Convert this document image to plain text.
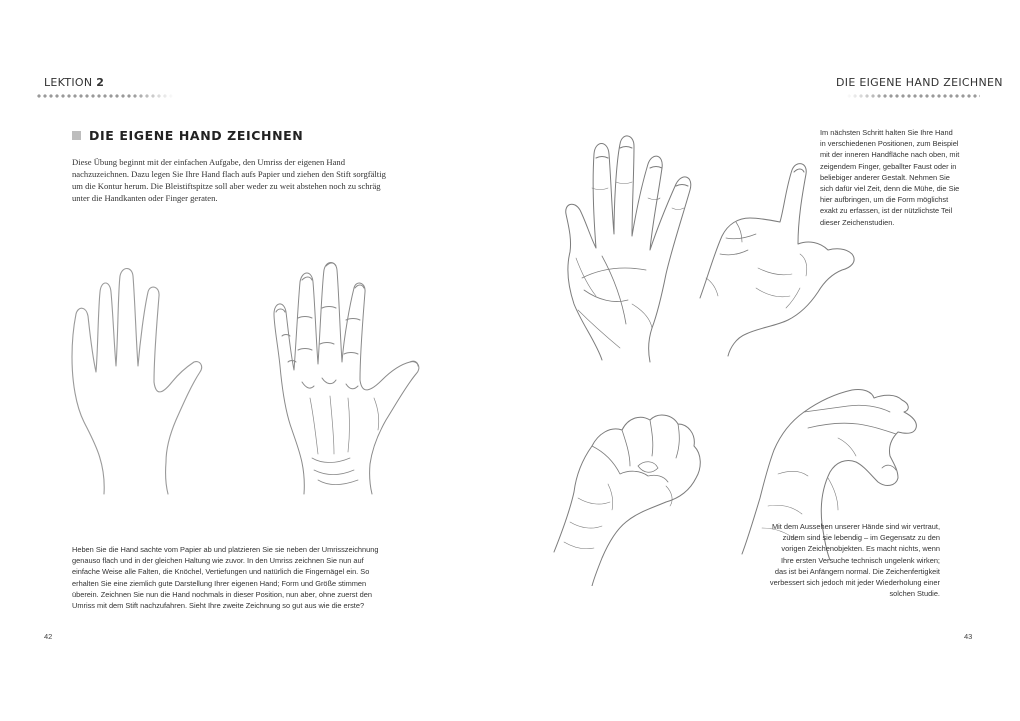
LEKTION 2
DIE EIGENE HAND ZEICHNEN
Diese Übung beginnt mit der einfachen Aufgabe, den Umriss der eigenen Hand nachzuzeichnen. Dazu legen Sie Ihre Hand flach aufs Papier und ziehen den Stift sorgfältig um die Kontur herum. Die Bleistiftspitze soll aber weder zu weit abstehen noch zu schräg unter die Handkanten oder Finger geraten.
Heben Sie die Hand sachte vom Papier ab und platzieren Sie sie neben der Umrisszeichnung genauso flach und in der gleichen Haltung wie zuvor. In den Umriss zeichnen Sie nun auf einfache Weise alle Falten, die Knöchel, Vertiefungen und natürlich die Fingernägel ein. So erhalten Sie eine ziemlich gute Darstellung Ihrer eigenen Hand; Form und Größe stimmen überein. Zeichnen Sie nun die Hand nochmals in dieser Position, nun aber, ohne zuerst den Umriss mit dem Stift nachzufahren. Sieht Ihre zweite Zeichnung so gut aus wie die erste?
42
DIE EIGENE HAND ZEICHNEN
Im nächsten Schritt halten Sie Ihre Hand in verschiedenen Positionen, zum Beispiel mit der inneren Handfläche nach oben, mit zeigendem Finger, geballter Faust oder in beliebiger anderer Gestalt. Nehmen Sie sich dafür viel Zeit, denn die Mühe, die Sie hier aufbringen, um die Form möglichst exakt zu erfassen, ist der nützlichste Teil dieser Zeichenstudien.
Mit dem Aussehen unserer Hände sind wir vertraut, zudem sind sie lebendig – im Gegensatz zu den vorigen Zeichenobjekten. Es macht nichts, wenn Ihre ersten Versuche technisch ungelenk wirken; das ist bei Anfängern normal. Die Zeichenfertigkeit verbessert sich jedoch mit jeder Wiederholung einer solchen Studie.
43
